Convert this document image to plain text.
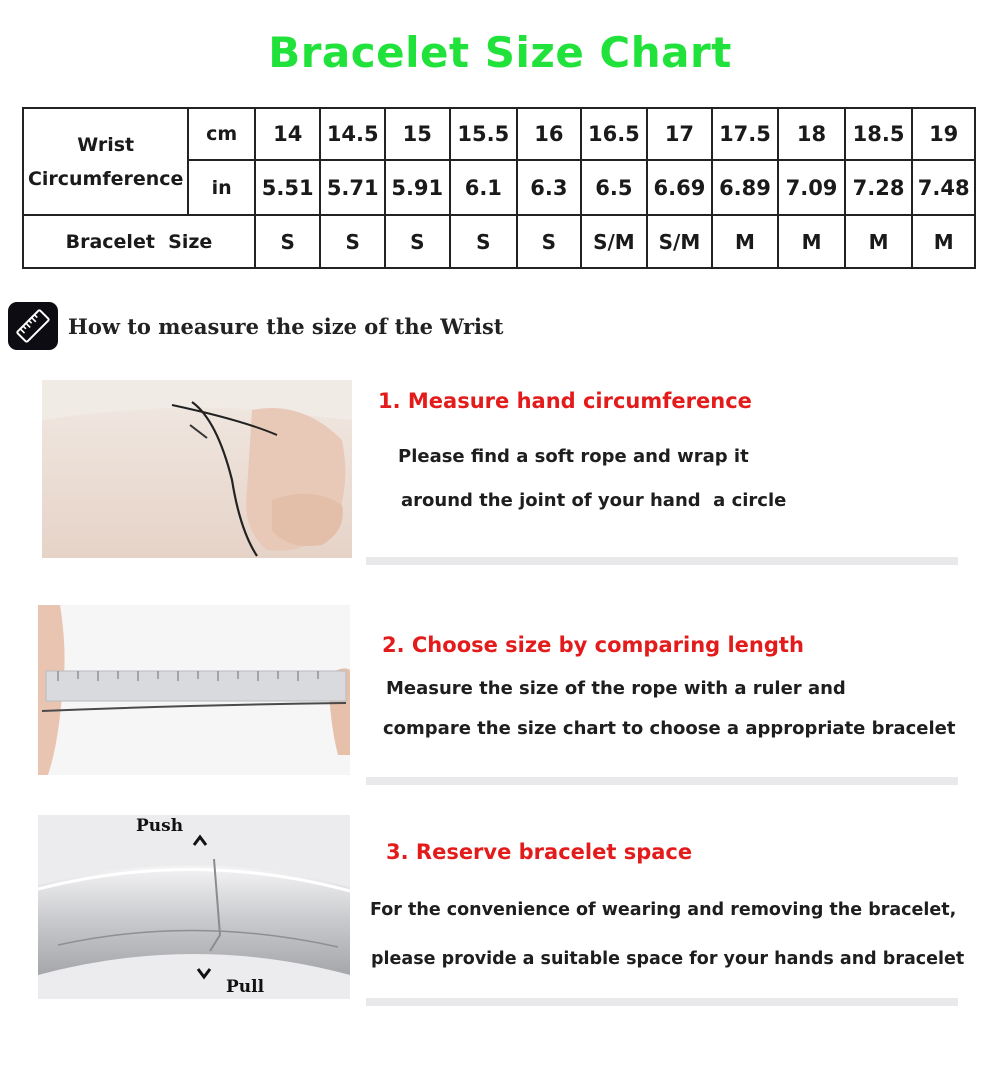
Bracelet Size Chart
Wrist
Circumference	cm	14	14.5	15	15.5	16	16.5	17	17.5	18	18.5	19
	in	5.51	5.71	5.91	6.1	6.3	6.5	6.69	6.89	7.09	7.28	7.48
Bracelet  Size		S	S	S	S	S	S/M	S/M	M	M	M	M
How to measure the size of the Wrist
1. Measure hand circumference
Please find a soft rope and wrap it
around the joint of your hand  a circle
2. Choose size by comparing length
Measure the size of the rope with a ruler and
compare the size chart to choose a appropriate bracelet
Push
Pull
3. Reserve bracelet space
For the convenience of wearing and removing the bracelet,
please provide a suitable space for your hands and bracelet
